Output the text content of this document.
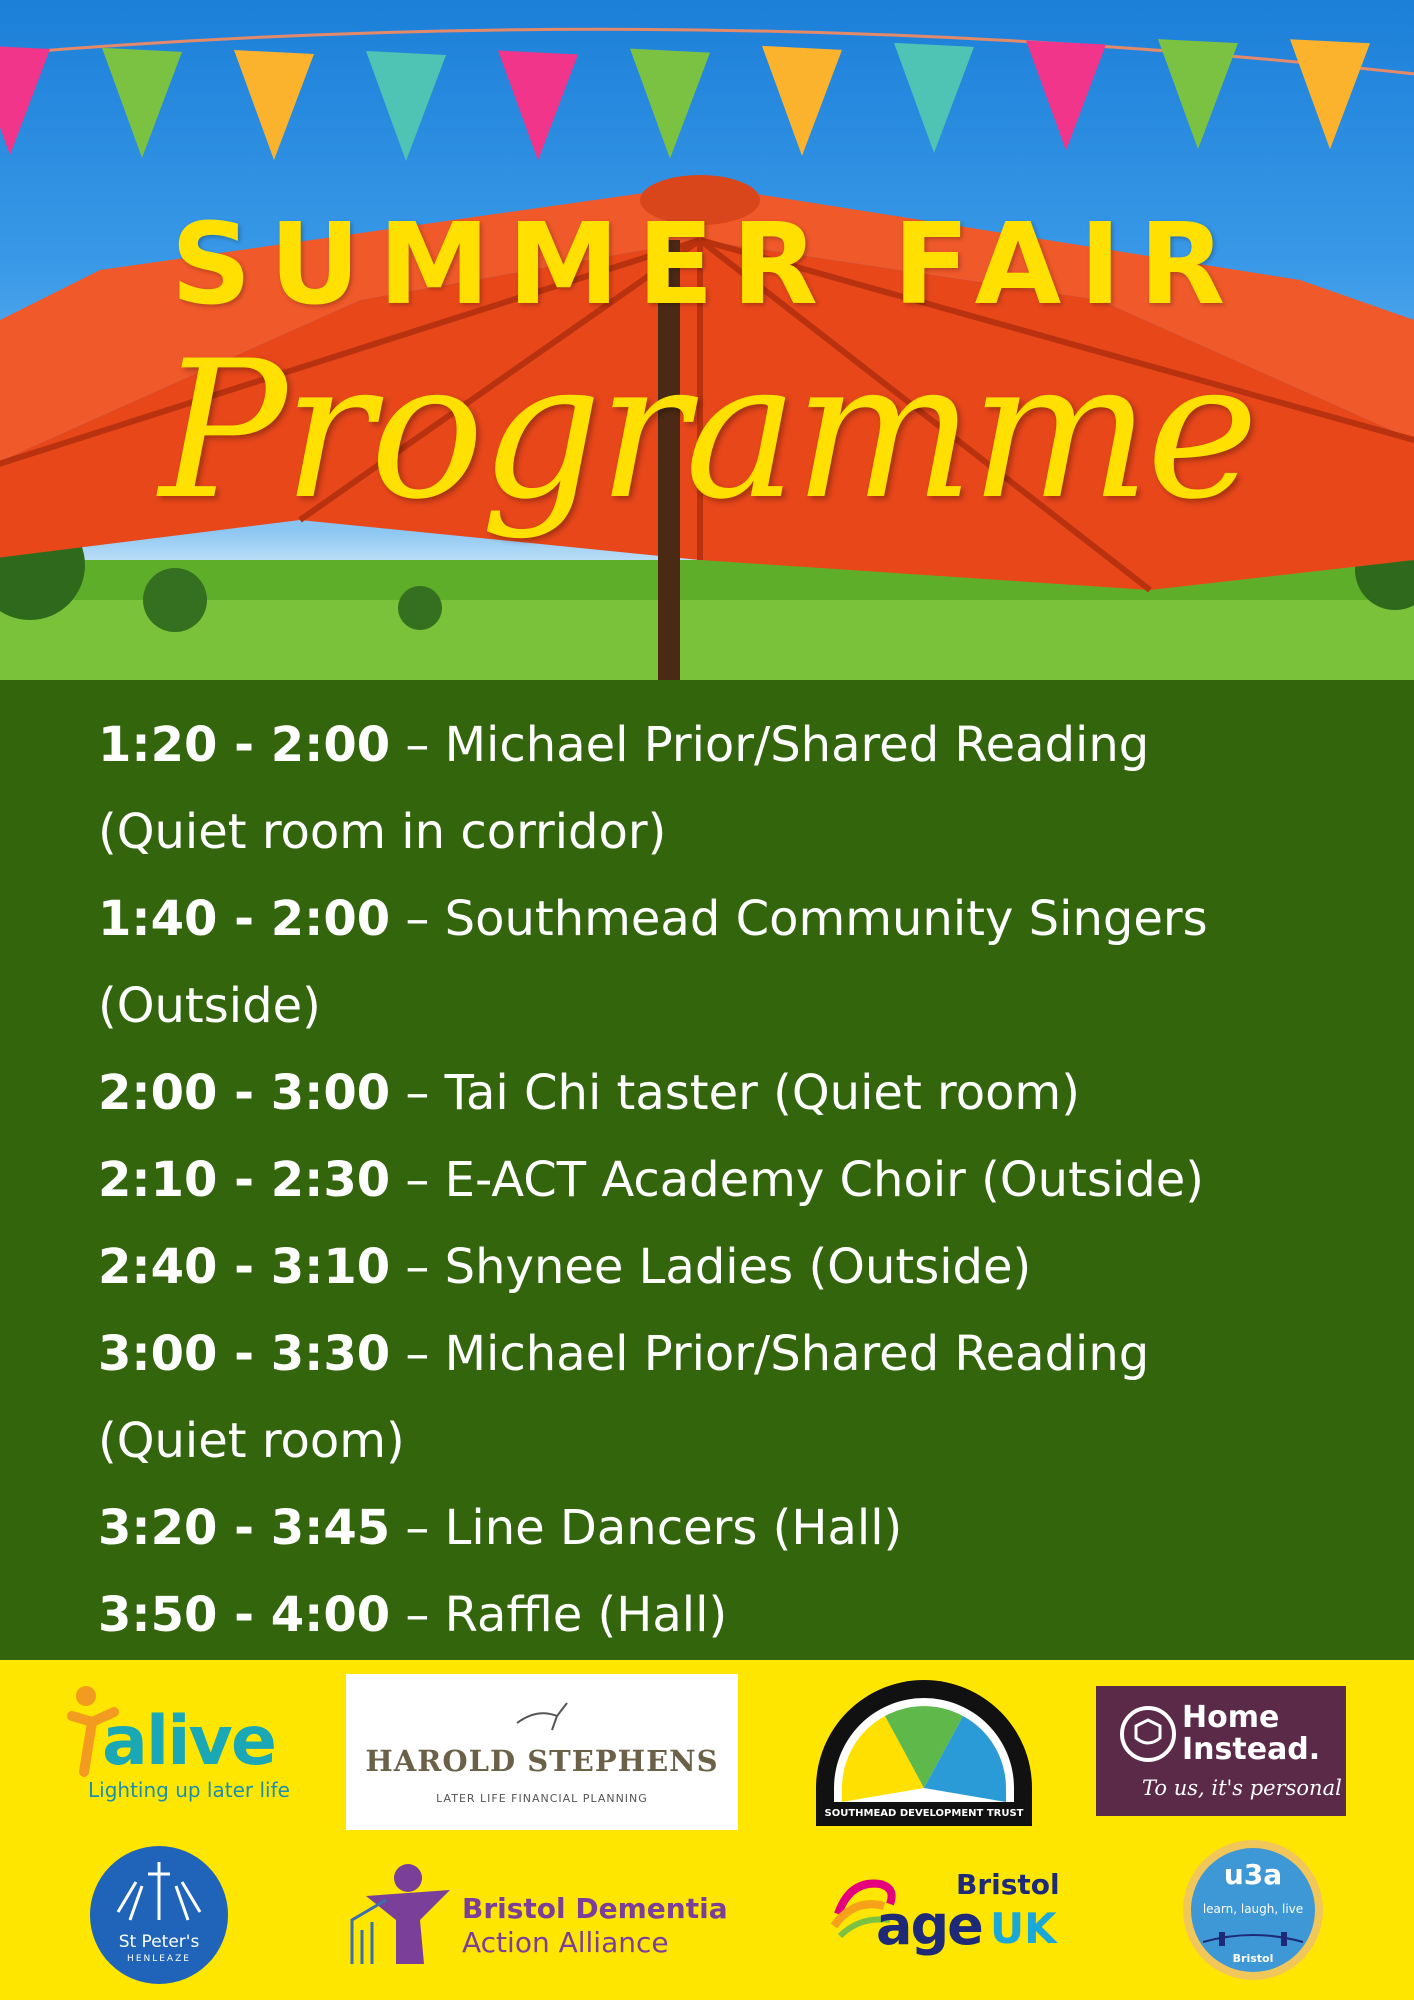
SUMMER FAIR
Programme
1:20 - 2:00 – Michael Prior/Shared Reading
(Quiet room in corridor)
1:40 - 2:00 – Southmead Community Singers
(Outside)
2:00 - 3:00 – Tai Chi taster (Quiet room)
2:10 - 2:30 – E-ACT Academy Choir (Outside)
2:40 - 3:10 – Shynee Ladies (Outside)
3:00 - 3:30 – Michael Prior/Shared Reading
(Quiet room)
3:20 - 3:45 – Line Dancers (Hall)
3:50 - 4:00 – Raffle (Hall)
alive
Lighting up later life
HAROLD STEPHENS
LATER LIFE FINANCIAL PLANNING
SOUTHMEAD DEVELOPMENT TRUST
Home Instead.
To us, it's personal
St Peter's
HENLEAZE
Bristol Dementia
Action Alliance
Bristol
age UK
u3a
learn, laugh, live
Bristol
